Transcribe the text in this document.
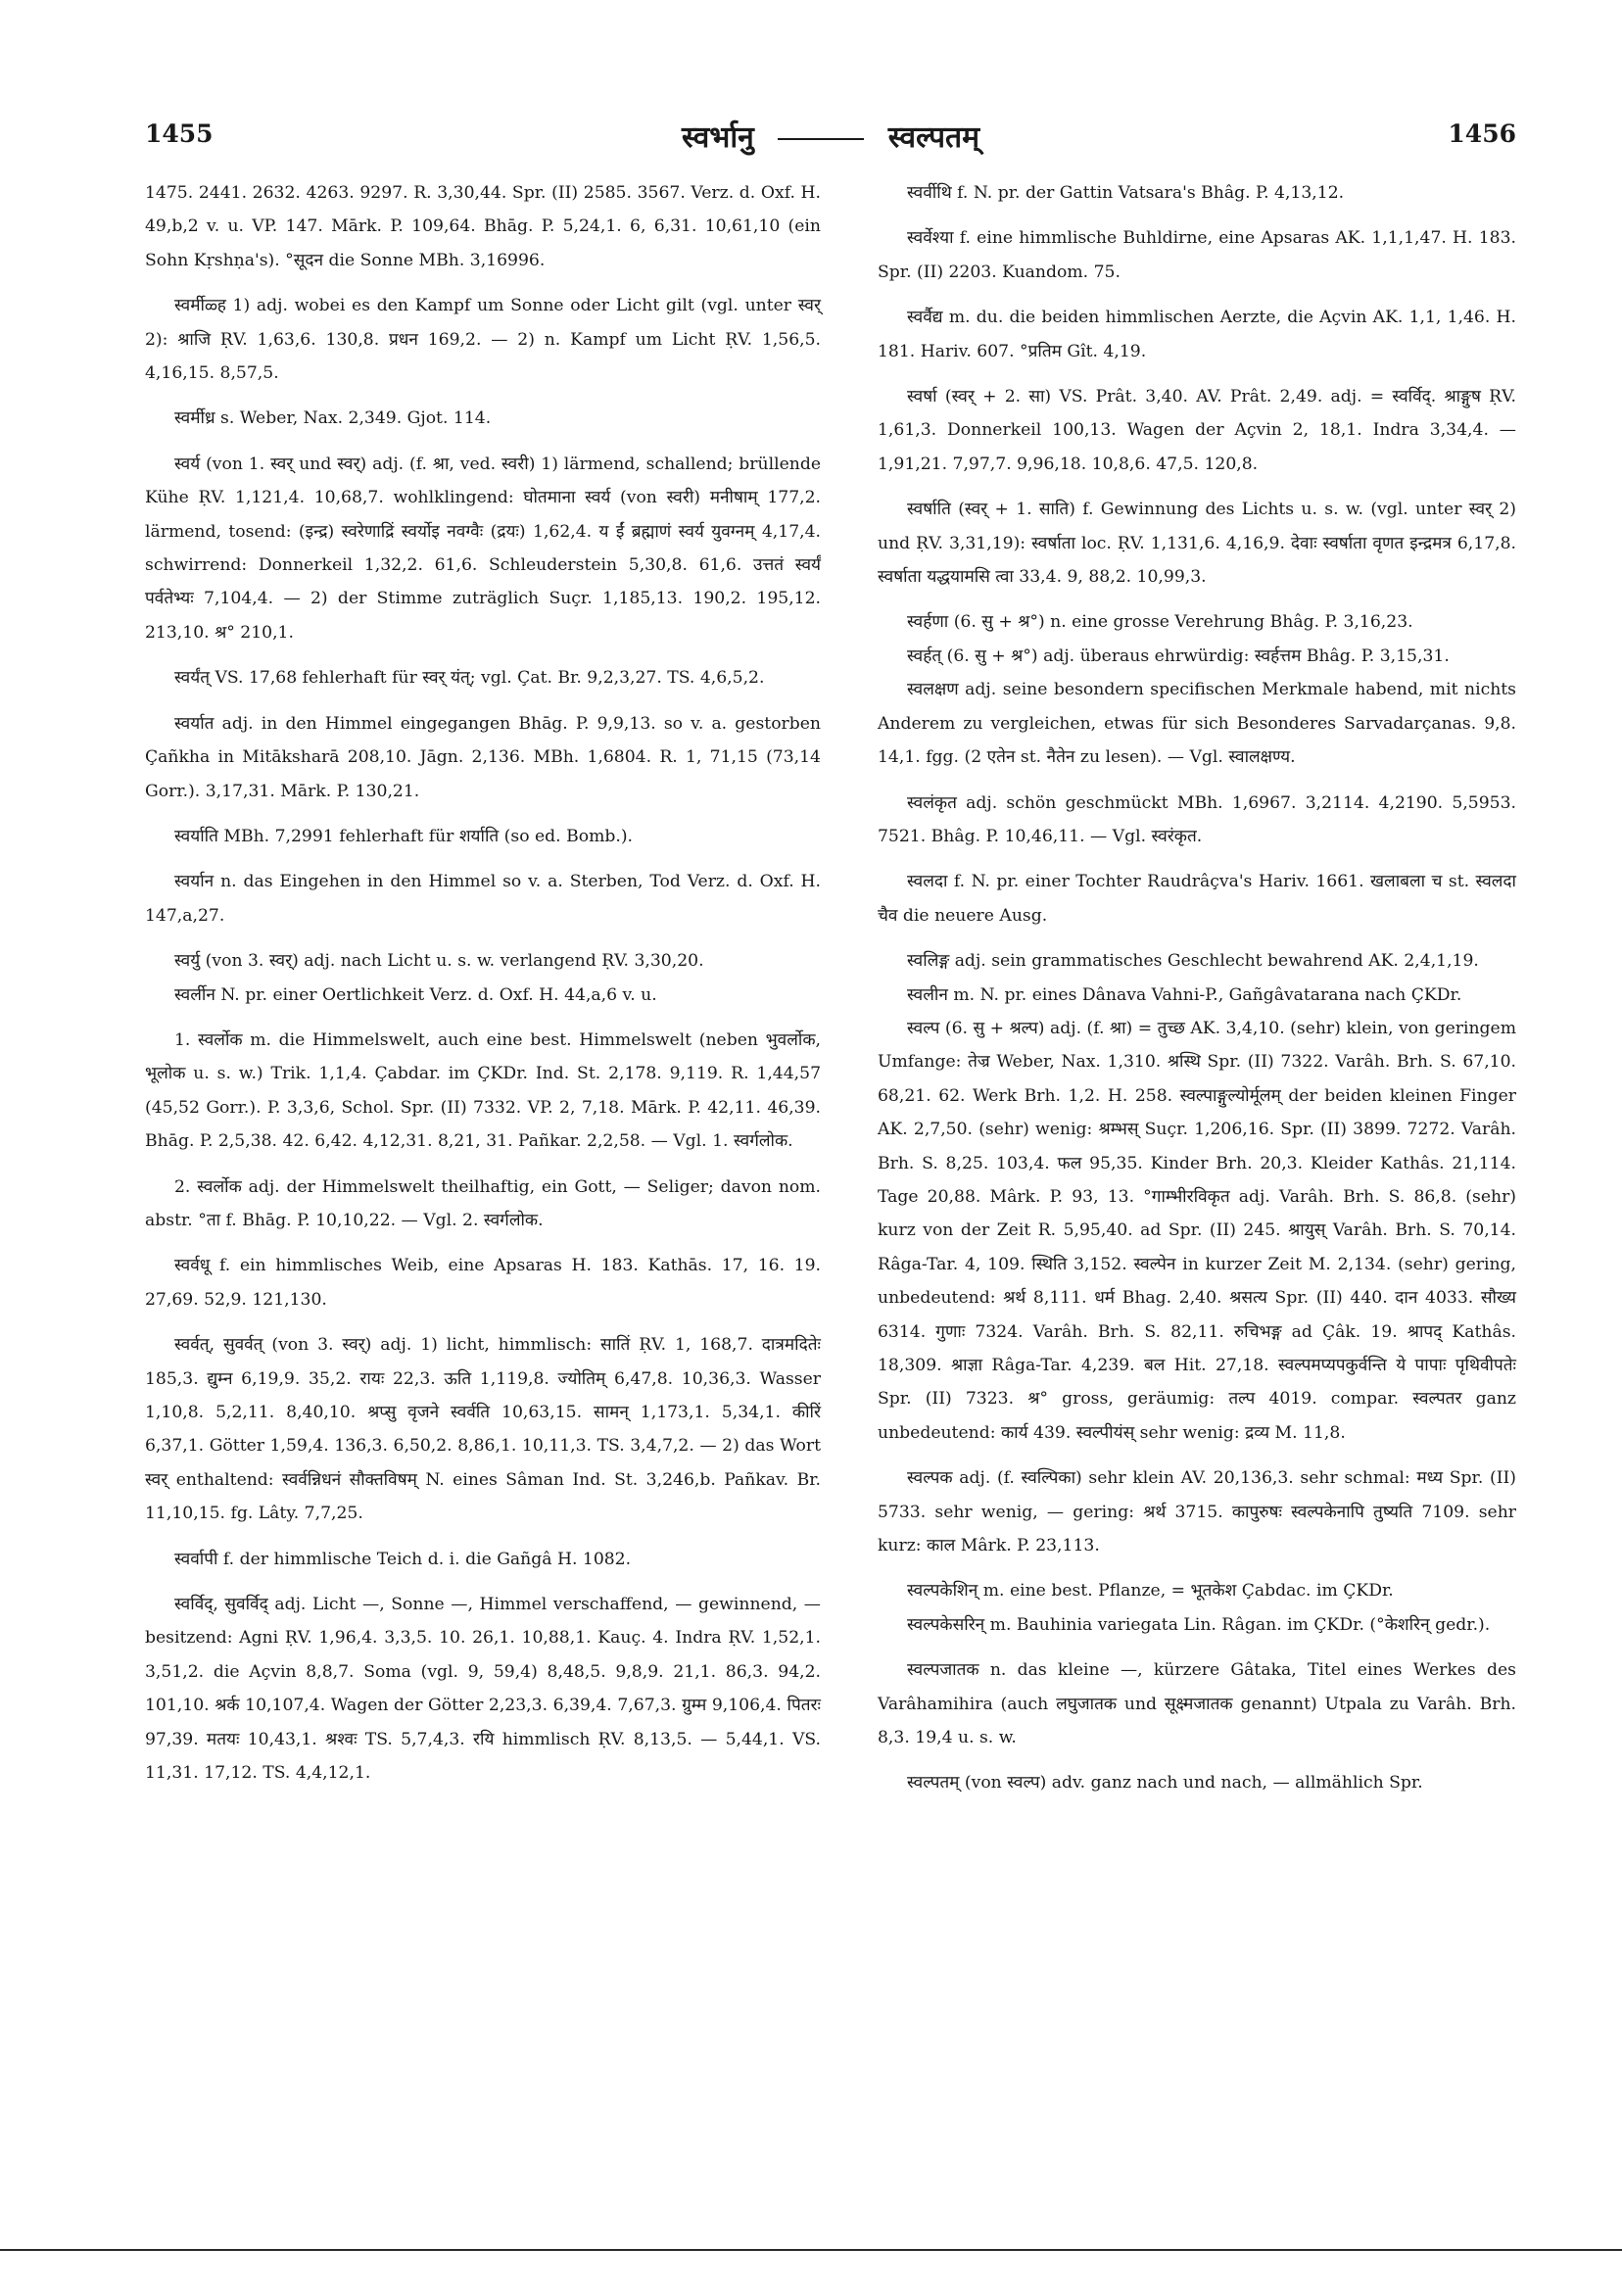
1455	स्वर्भानु	स्वल्पतम्	1456

1475. 2441. 2632. 4263. 9297. R. 3,30,44. Spr. (II) 2585. 3567. Verz. d. Oxf. H. 49,b,2 v. u. VP. 147. Mārk. P. 109,64. Bhāg. P. 5,24,1. 6, 6,31. 10,61,10 (ein Sohn Kṛshṇa's). °सूदन die Sonne MBh. 3,16996.

स्वर्मीळ्ह 1) adj. wobei es den Kampf um Sonne oder Licht gilt (vgl. unter स्वर् 2): श्राजि ṚV. 1,63,6. 130,8. प्रधन 169,2. — 2) n. Kampf um Licht ṚV. 1,56,5. 4,16,15. 8,57,5.

स्वर्मीध्र s. Weber, Nax. 2,349. Gjot. 114.

स्वर्य (von 1. स्वर् und स्वर्) adj. (f. श्रा, ved. स्वरी) 1) lärmend, schallend; brüllende Kühe ṚV. 1,121,4. 10,68,7. wohlklingend: घोतमाना स्वर्य (von स्वरी) मनीषाम् 177,2. lärmend, tosend: (इन्द्र) स्वरेणाद्रिं स्वर्योइ नवग्वैः (द्रयः) 1,62,4. य ईं ब्रह्माणं स्वर्य युवग्नम् 4,17,4. schwirrend: Donnerkeil 1,32,2. 61,6. Schleuderstein 5,30,8. 61,6. उत्ततं स्वर्यं पर्वतेभ्यः 7,104,4. — 2) der Stimme zuträglich Suçr. 1,185,13. 190,2. 195,12. 213,10. श्र° 210,1.

स्वर्यंत् VS. 17,68 fehlerhaft für स्वर् यंत्; vgl. Çat. Br. 9,2,3,27. TS. 4,6,5,2.

स्वर्यात adj. in den Himmel eingegangen Bhāg. P. 9,9,13. so v. a. gestorben Çañkha in Mitāksharā 208,10. Jāgn. 2,136. MBh. 1,6804. R. 1, 71,15 (73,14 Gorr.). 3,17,31. Mārk. P. 130,21.

स्वर्याति MBh. 7,2991 fehlerhaft für शर्याति (so ed. Bomb.).

स्वर्यान n. das Eingehen in den Himmel so v. a. Sterben, Tod Verz. d. Oxf. H. 147,a,27.

स्वर्यु (von 3. स्वर्) adj. nach Licht u. s. w. verlangend ṚV. 3,30,20.

स्वर्लीन N. pr. einer Oertlichkeit Verz. d. Oxf. H. 44,a,6 v. u.

1. स्वर्लोक m. die Himmelswelt, auch eine best. Himmelswelt (neben भुवर्लोक, भूलोक u. s. w.) Trik. 1,1,4. Çabdar. im ÇKDr. Ind. St. 2,178. 9,119. R. 1,44,57 (45,52 Gorr.). P. 3,3,6, Schol. Spr. (II) 7332. VP. 2, 7,18. Mārk. P. 42,11. 46,39. Bhāg. P. 2,5,38. 42. 6,42. 4,12,31. 8,21, 31. Pañkar. 2,2,58. — Vgl. 1. स्वर्गलोक.

2. स्वर्लोक adj. der Himmelswelt theilhaftig, ein Gott, — Seliger; davon nom. abstr. °ता f. Bhāg. P. 10,10,22. — Vgl. 2. स्वर्गलोक.

स्वर्वधू f. ein himmlisches Weib, eine Apsaras H. 183. Kathās. 17, 16. 19. 27,69. 52,9. 121,130.

स्वर्वत्, सुवर्वत् (von 3. स्वर्) adj. 1) licht, himmlisch: सातिं ṚV. 1, 168,7. दात्रमदितेः 185,3. द्युम्न 6,19,9. 35,2. रायः 22,3. ऊति 1,119,8. ज्योतिम् 6,47,8. 10,36,3. Wasser 1,10,8. 5,2,11. 8,40,10. श्रप्सु वृजने स्वर्वति 10,63,15. सामन् 1,173,1. 5,34,1. कीरिं 6,37,1. Götter 1,59,4. 136,3. 6,50,2. 8,86,1. 10,11,3. TS. 3,4,7,2. — 2) das Wort स्वर् enthaltend: स्वर्वन्निधनं सौक्तविषम् N. eines Sâman Ind. St. 3,246,b. Pañkav. Br. 11,10,15. fg. Lâty. 7,7,25.

स्वर्वापी f. der himmlische Teich d. i. die Gañgâ H. 1082.

स्वर्विद्, सुवर्विद् adj. Licht —, Sonne —, Himmel verschaffend, — gewinnend, — besitzend: Agni ṚV. 1,96,4. 3,3,5. 10. 26,1. 10,88,1. Kauç. 4. Indra ṚV. 1,52,1. 3,51,2. die Açvin 8,8,7. Soma (vgl. 9, 59,4) 8,48,5. 9,8,9. 21,1. 86,3. 94,2. 101,10. श्रर्क 10,107,4. Wagen der Götter 2,23,3. 6,39,4. 7,67,3. ग्रुम्म 9,106,4. पितरः 97,39. मतयः 10,43,1. श्रश्वः TS. 5,7,4,3. रयि himmlisch ṚV. 8,13,5. — 5,44,1. VS. 11,31. 17,12. TS. 4,4,12,1.

स्वर्वीथि f. N. pr. der Gattin Vatsara's Bhâg. P. 4,13,12.

स्वर्वेश्या f. eine himmlische Buhldirne, eine Apsaras AK. 1,1,1,47. H. 183. Spr. (II) 2203. Kuandom. 75.

स्वर्वैद्य m. du. die beiden himmlischen Aerzte, die Açvin AK. 1,1, 1,46. H. 181. Hariv. 607. °प्रतिम Gît. 4,19.

स्वर्षा (स्वर् + 2. सा) VS. Prât. 3,40. AV. Prât. 2,49. adj. = स्वर्विद्. श्राङ्गुष ṚV. 1,61,3. Donnerkeil 100,13. Wagen der Açvin 2, 18,1. Indra 3,34,4. — 1,91,21. 7,97,7. 9,96,18. 10,8,6. 47,5. 120,8.

स्वर्षाति (स्वर् + 1. साति) f. Gewinnung des Lichts u. s. w. (vgl. unter स्वर् 2) und ṚV. 3,31,19): स्वर्षाता loc. ṚV. 1,131,6. 4,16,9. देवाः स्वर्षाता वृणत इन्द्रमत्र 6,17,8. स्वर्षाता यद्धयामसि त्वा 33,4. 9, 88,2. 10,99,3.

स्वर्हणा (6. सु + श्र°) n. eine grosse Verehrung Bhâg. P. 3,16,23.

स्वर्हत् (6. सु + श्र°) adj. überaus ehrwürdig: स्वर्हत्तम Bhâg. P. 3,15,31.

स्वलक्षण adj. seine besondern specifischen Merkmale habend, mit nichts Anderem zu vergleichen, etwas für sich Besonderes Sarvadarçanas. 9,8. 14,1. fgg. (2 एतेन st. नैतेन zu lesen). — Vgl. स्वालक्षण्य.

स्वलंकृत adj. schön geschmückt MBh. 1,6967. 3,2114. 4,2190. 5,5953. 7521. Bhâg. P. 10,46,11. — Vgl. स्वरंकृत.

स्वलदा f. N. pr. einer Tochter Raudrâçva's Hariv. 1661. खलाबला च st. स्वलदा चैव die neuere Ausg.

स्वलिङ्ग adj. sein grammatisches Geschlecht bewahrend AK. 2,4,1,19.

स्वलीन m. N. pr. eines Dânava Vahni-P., Gañgâvatarana nach ÇKDr.

स्वल्प (6. सु + श्रल्प) adj. (f. श्रा) = तुच्छ AK. 3,4,10. (sehr) klein, von geringem Umfange: तेज्र Weber, Nax. 1,310. श्रस्थि Spr. (II) 7322. Varâh. Brh. S. 67,10. 68,21. 62. Werk Brh. 1,2. H. 258. स्वल्पाङ्गुल्योर्मूलम् der beiden kleinen Finger AK. 2,7,50. (sehr) wenig: श्रम्भस् Suçr. 1,206,16. Spr. (II) 3899. 7272. Varâh. Brh. S. 8,25. 103,4. फल 95,35. Kinder Brh. 20,3. Kleider Kathâs. 21,114. Tage 20,88. Mârk. P. 93, 13. °गाम्भीरविकृत adj. Varâh. Brh. S. 86,8. (sehr) kurz von der Zeit R. 5,95,40. ad Spr. (II) 245. श्रायुस् Varâh. Brh. S. 70,14. Râga-Tar. 4, 109. स्थिति 3,152. स्वल्पेन in kurzer Zeit M. 2,134. (sehr) gering, unbedeutend: श्रर्थ 8,111. धर्म Bhag. 2,40. श्रसत्य Spr. (II) 440. दान 4033. सौख्य 6314. गुणाः 7324. Varâh. Brh. S. 82,11. रुचिभङ्ग ad Çâk. 19. श्रापद् Kathâs. 18,309. श्राज्ञा Râga-Tar. 4,239. बल Hit. 27,18. स्वल्पमप्यपकुर्वन्ति ये पापाः पृथिवीपतेः Spr. (II) 7323. श्र° gross, geräumig: तल्प 4019. compar. स्वल्पतर ganz unbedeutend: कार्य 439. स्वल्पीयंस् sehr wenig: द्रव्य M. 11,8.

स्वल्पक adj. (f. स्वल्पिका) sehr klein AV. 20,136,3. sehr schmal: मध्य Spr. (II) 5733. sehr wenig, — gering: श्रर्थ 3715. कापुरुषः स्वल्पकेनापि तुष्यति 7109. sehr kurz: काल Mârk. P. 23,113.

स्वल्पकेशिन् m. eine best. Pflanze, = भूतकेश Çabdac. im ÇKDr.

स्वल्पकेसरिन् m. Bauhinia variegata Lin. Râgan. im ÇKDr. (°केशरिन् gedr.).

स्वल्पजातक n. das kleine —, kürzere Gâtaka, Titel eines Werkes des Varâhamihira (auch लघुजातक und सूक्ष्मजातक genannt) Utpala zu Varâh. Brh. 8,3. 19,4 u. s. w.

स्वल्पतम् (von स्वल्प) adv. ganz nach und nach, — allmählich Spr.
